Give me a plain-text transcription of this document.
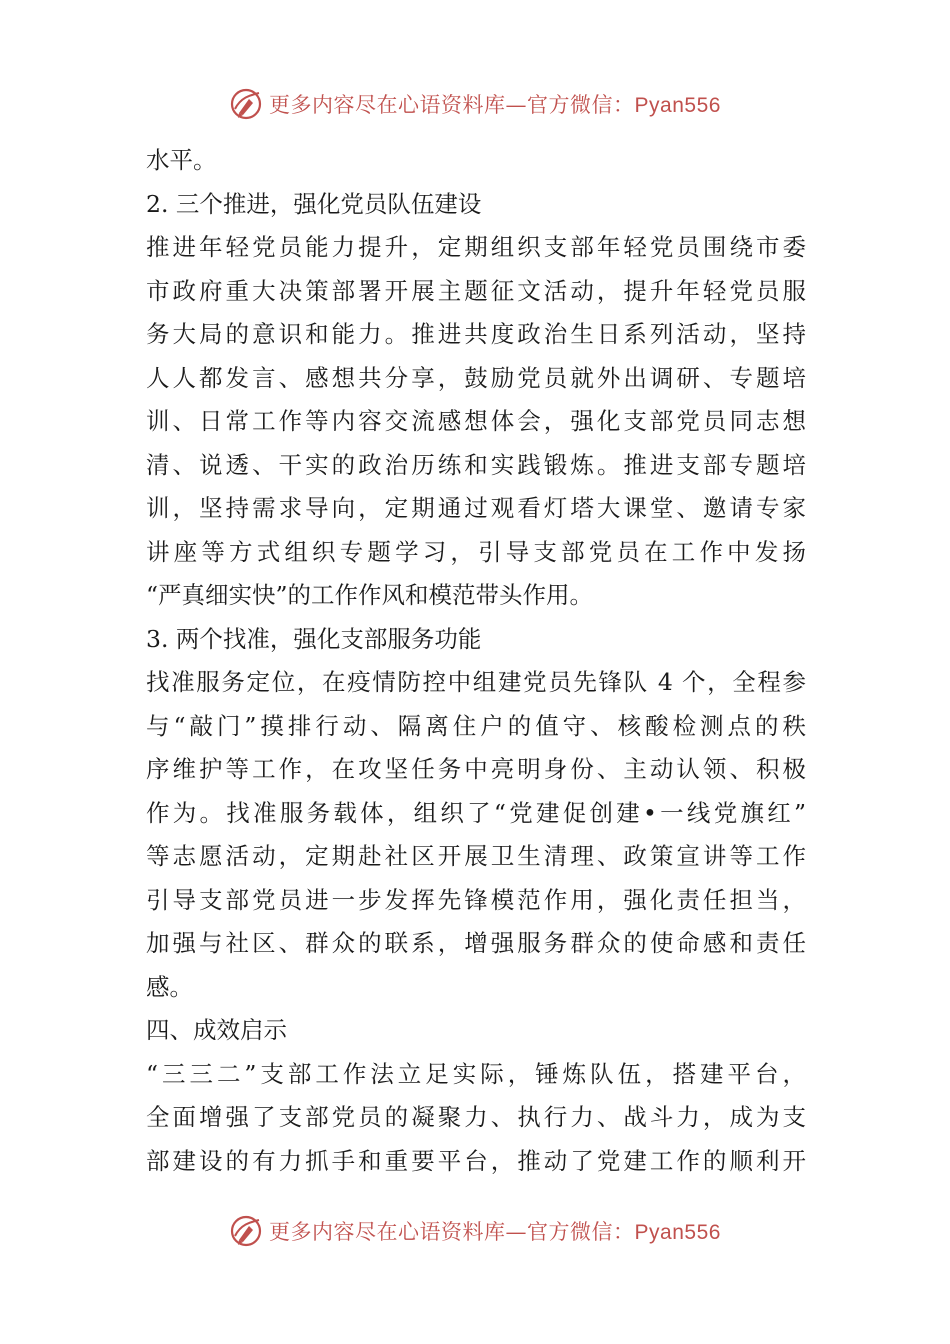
更多内容尽在心语资料库—官方微信：Pyan556
水平。
2. 三个推进，强化党员队伍建设
推进年轻党员能力提升，定期组织支部年轻党员围绕市委
市政府重大决策部署开展主题征文活动，提升年轻党员服
务大局的意识和能力。推进共度政治生日系列活动，坚持
人人都发言、感想共分享，鼓励党员就外出调研、专题培
训、日常工作等内容交流感想体会，强化支部党员同志想
清、说透、干实的政治历练和实践锻炼。推进支部专题培
训，坚持需求导向，定期通过观看灯塔大课堂、邀请专家
讲座等方式组织专题学习，引导支部党员在工作中发扬
“严真细实快”的工作作风和模范带头作用。
3. 两个找准，强化支部服务功能
找准服务定位，在疫情防控中组建党员先锋队 4 个，全程参
与“敲门”摸排行动、隔离住户的值守、核酸检测点的秩
序维护等工作，在攻坚任务中亮明身份、主动认领、积极
作为。找准服务载体，组织了“党建促创建•一线党旗红”
等志愿活动，定期赴社区开展卫生清理、政策宣讲等工作
引导支部党员进一步发挥先锋模范作用，强化责任担当，
加强与社区、群众的联系，增强服务群众的使命感和责任
感。
四、成效启示
“三三二”支部工作法立足实际，锤炼队伍，搭建平台，
全面增强了支部党员的凝聚力、执行力、战斗力，成为支
部建设的有力抓手和重要平台，推动了党建工作的顺利开
更多内容尽在心语资料库—官方微信：Pyan556
